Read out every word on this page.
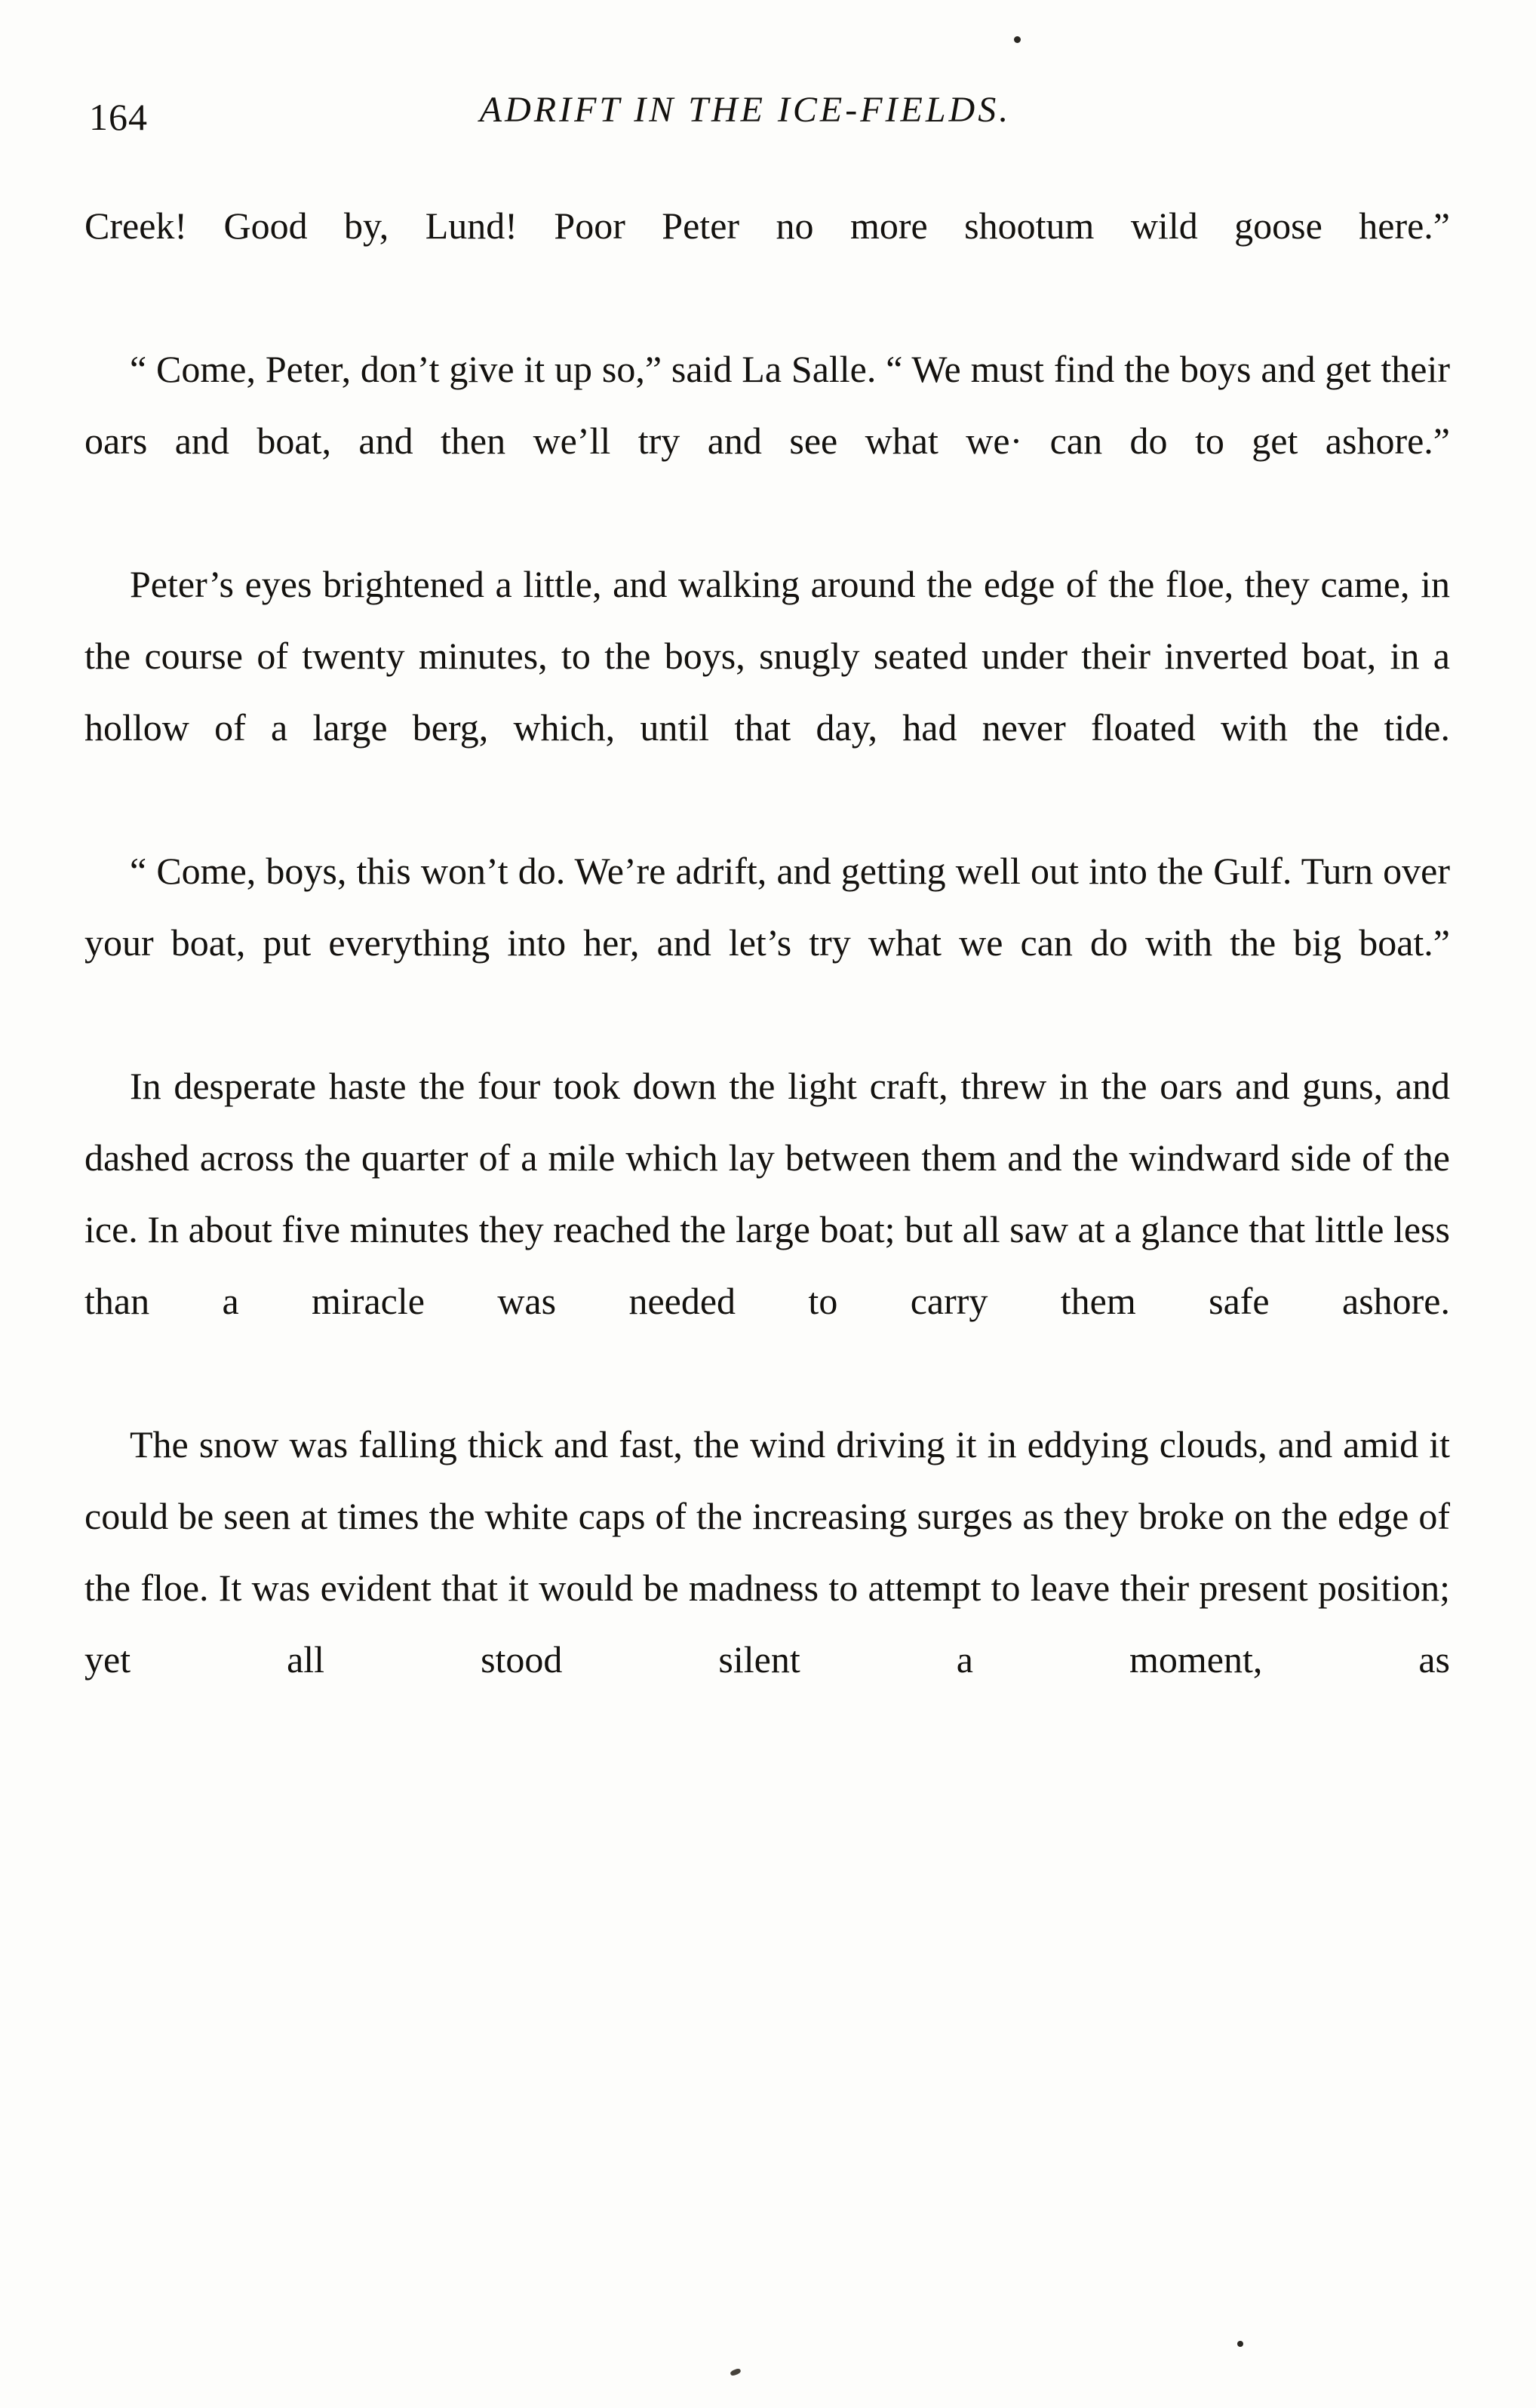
164	ADRIFT IN THE ICE-FIELDS.

Creek! Good by, Lund! Poor Peter no more shootum wild goose here.”

“ Come, Peter, don’t give it up so,” said La Salle. “ We must find the boys and get their oars and boat, and then we’ll try and see what we· can do to get ashore.”

Peter’s eyes brightened a little, and walking around the edge of the floe, they came, in the course of twenty minutes, to the boys, snugly seated under their inverted boat, in a hollow of a large berg, which, until that day, had never floated with the tide.

“ Come, boys, this won’t do. We’re adrift, and getting well out into the Gulf. Turn over your boat, put everything into her, and let’s try what we can do with the big boat.”

In desperate haste the four took down the light craft, threw in the oars and guns, and dashed across the quarter of a mile which lay between them and the windward side of the ice. In about five minutes they reached the large boat; but all saw at a glance that little less than a miracle was needed to carry them safe ashore.

The snow was falling thick and fast, the wind driving it in eddying clouds, and amid it could be seen at times the white caps of the increasing surges as they broke on the edge of the floe. It was evident that it would be madness to attempt to leave their present position; yet all stood silent a moment, as
